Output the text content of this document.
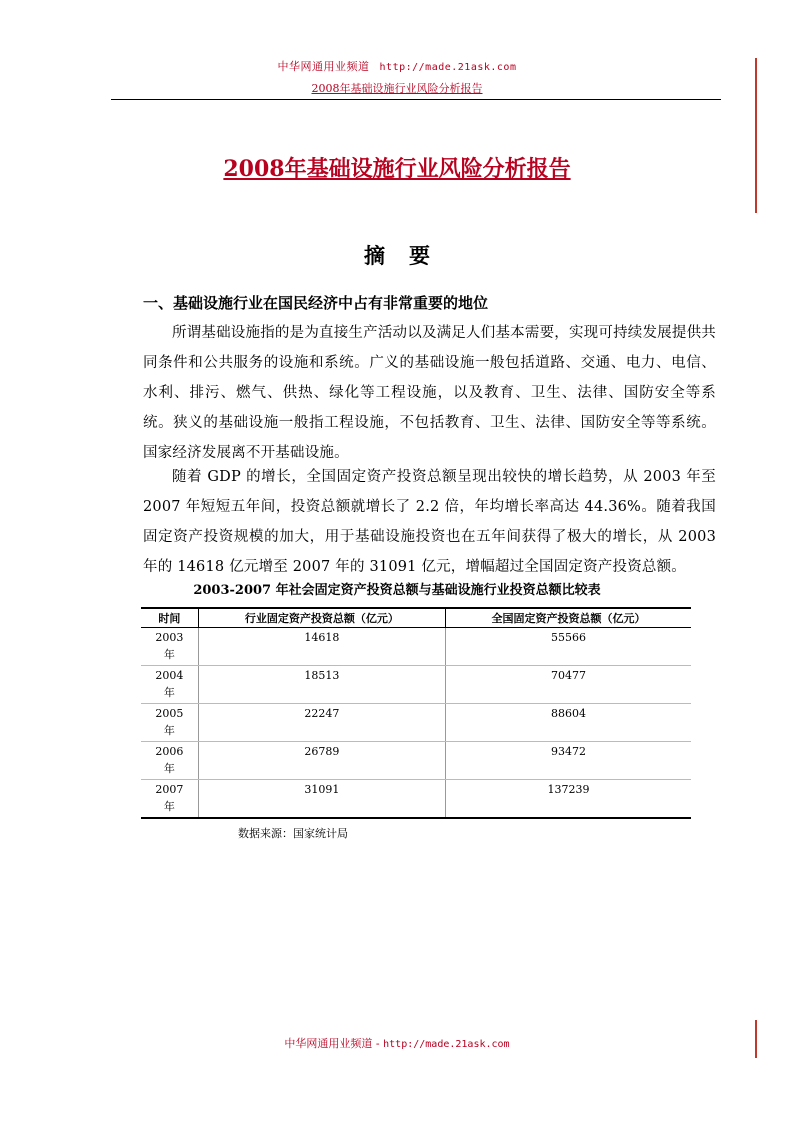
中华网通用业频道 http://made.21ask.com
2008年基础设施行业风险分析报告
2008年基础设施行业风险分析报告
摘要
一、基础设施行业在国民经济中占有非常重要的地位
所谓基础设施指的是为直接生产活动以及满足人们基本需要，实现可持续发展提供共同条件和公共服务的设施和系统。广义的基础设施一般包括道路、交通、电力、电信、水利、排污、燃气、供热、绿化等工程设施，以及教育、卫生、法律、国防安全等系统。狭义的基础设施一般指工程设施，不包括教育、卫生、法律、国防安全等等系统。国家经济发展离不开基础设施。
随着 GDP 的增长，全国固定资产投资总额呈现出较快的增长趋势，从 2003 年至 2007 年短短五年间，投资总额就增长了 2.2 倍，年均增长率高达 44.36%。随着我国固定资产投资规模的加大，用于基础设施投资也在五年间获得了极大的增长，从 2003 年的 14618 亿元增至 2007 年的 31091 亿元，增幅超过全国固定资产投资总额。
2003-2007 年社会固定资产投资总额与基础设施行业投资总额比较表
时间	行业固定资产投资总额（亿元）	全国固定资产投资总额（亿元）
2003
年	14618	55566
2004
年	18513	70477
2005
年	22247	88604
2006
年	26789	93472
2007
年	31091	137239
数据来源：国家统计局
中华网通用业频道 - http://made.21ask.com
